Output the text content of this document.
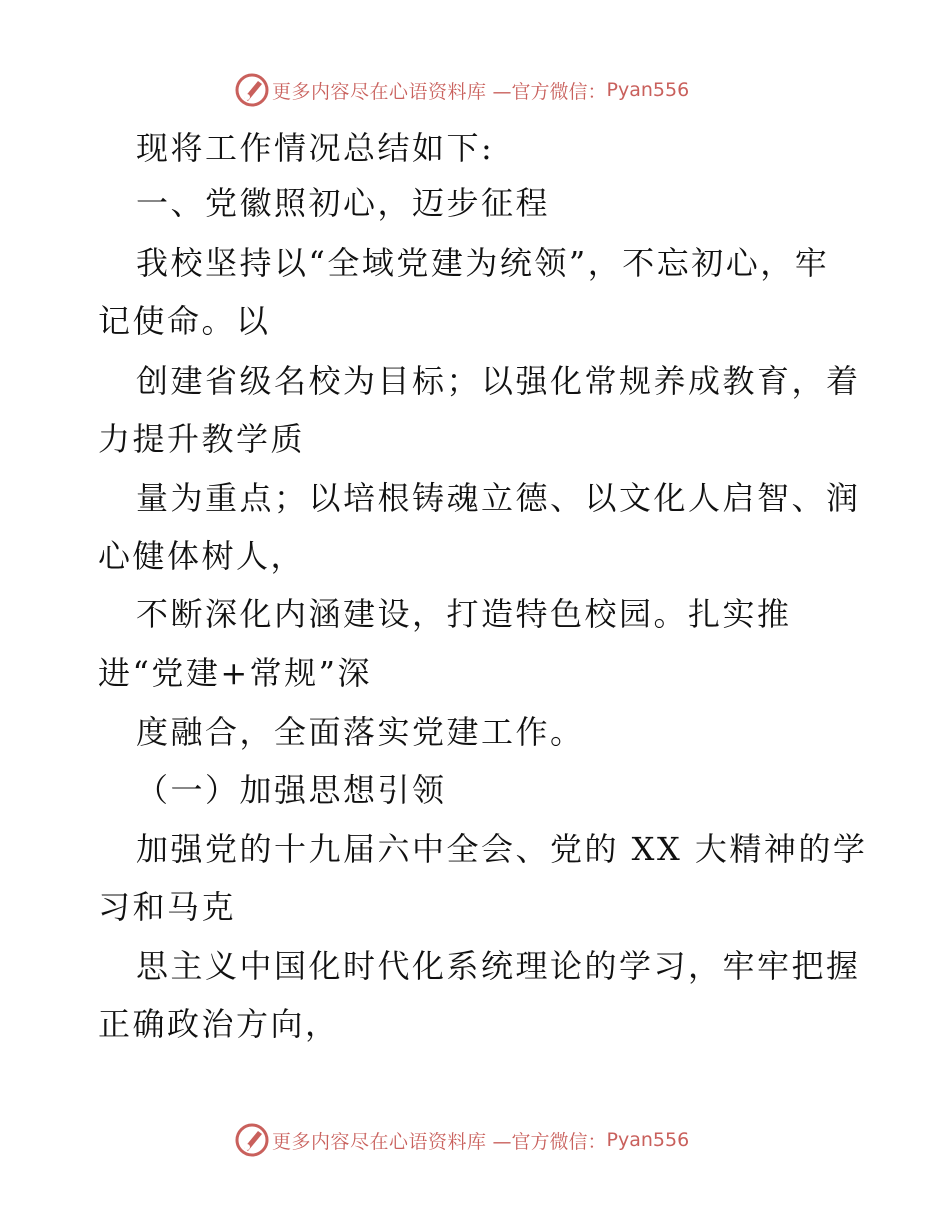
更多内容尽在心语资料库 —官方微信： Pyan556
现将工作情况总结如下:
一、党徽照初心，迈步征程
我校坚持以“全域党建为统领”，不忘初心，牢
记使命。以
创建省级名校为目标；以强化常规养成教育，着
力提升教学质
量为重点；以培根铸魂立德、以文化人启智、润
心健体树人，
不断深化内涵建设，打造特色校园。扎实推
进“党建+常规”深
度融合，全面落实党建工作。
（一）加强思想引领
加强党的十九届六中全会、党的 XX 大精神的学
习和马克
思主义中国化时代化系统理论的学习，牢牢把握
正确政治方向，
更多内容尽在心语资料库 —官方微信： Pyan556
